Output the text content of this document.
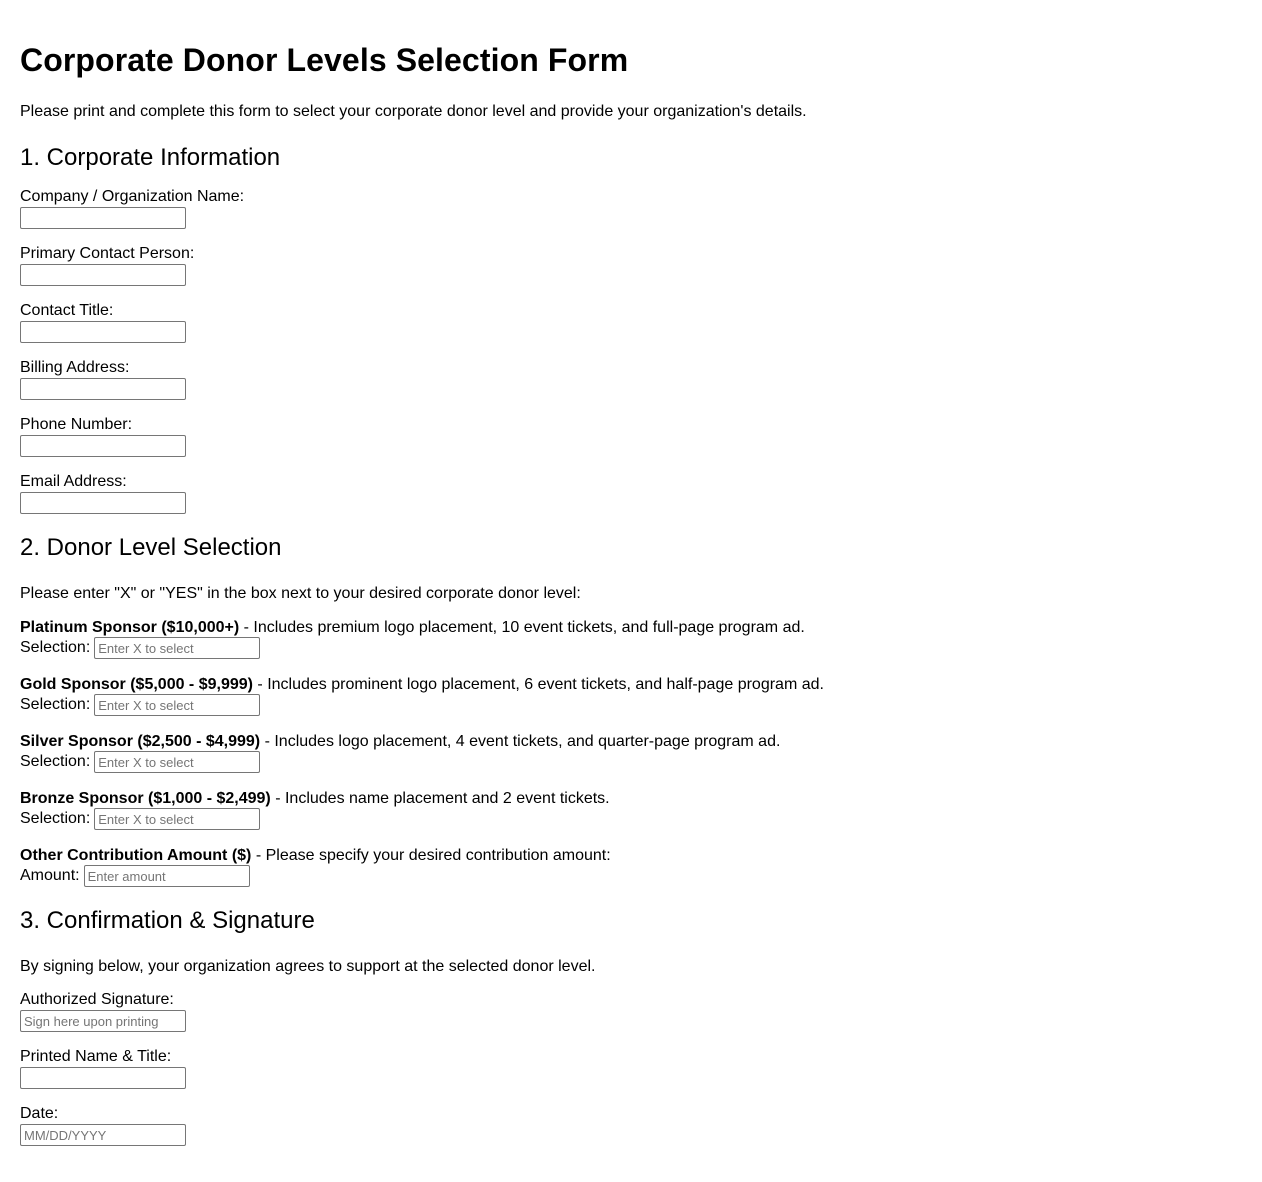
Corporate Donor Levels Selection Form

Please print and complete this form to select your corporate donor level and provide your organization's details.

1. Corporate Information
Company / Organization Name:
Primary Contact Person:
Contact Title:
Billing Address:
Phone Number:
Email Address:
2. Donor Level Selection

Please enter "X" or "YES" in the box next to your desired corporate donor level:

Platinum Sponsor ($10,000+) - Includes premium logo placement, 10 event tickets, and full-page program ad.
Selection:
Enter X to select
Gold Sponsor ($5,000 - $9,999) - Includes prominent logo placement, 6 event tickets, and half-page program ad.
Selection:
Enter X to select
Silver Sponsor ($2,500 - $4,999) - Includes logo placement, 4 event tickets, and quarter-page program ad.
Selection:
Enter X to select
Bronze Sponsor ($1,000 - $2,499) - Includes name placement and 2 event tickets.
Selection:
Enter X to select
Other Contribution Amount ($) - Please specify your desired contribution amount:
Amount:
Enter amount
3. Confirmation & Signature

By signing below, your organization agrees to support at the selected donor level.

Authorized Signature:
Sign here upon printing
Printed Name & Title:
Date:
MM/DD/YYYY
